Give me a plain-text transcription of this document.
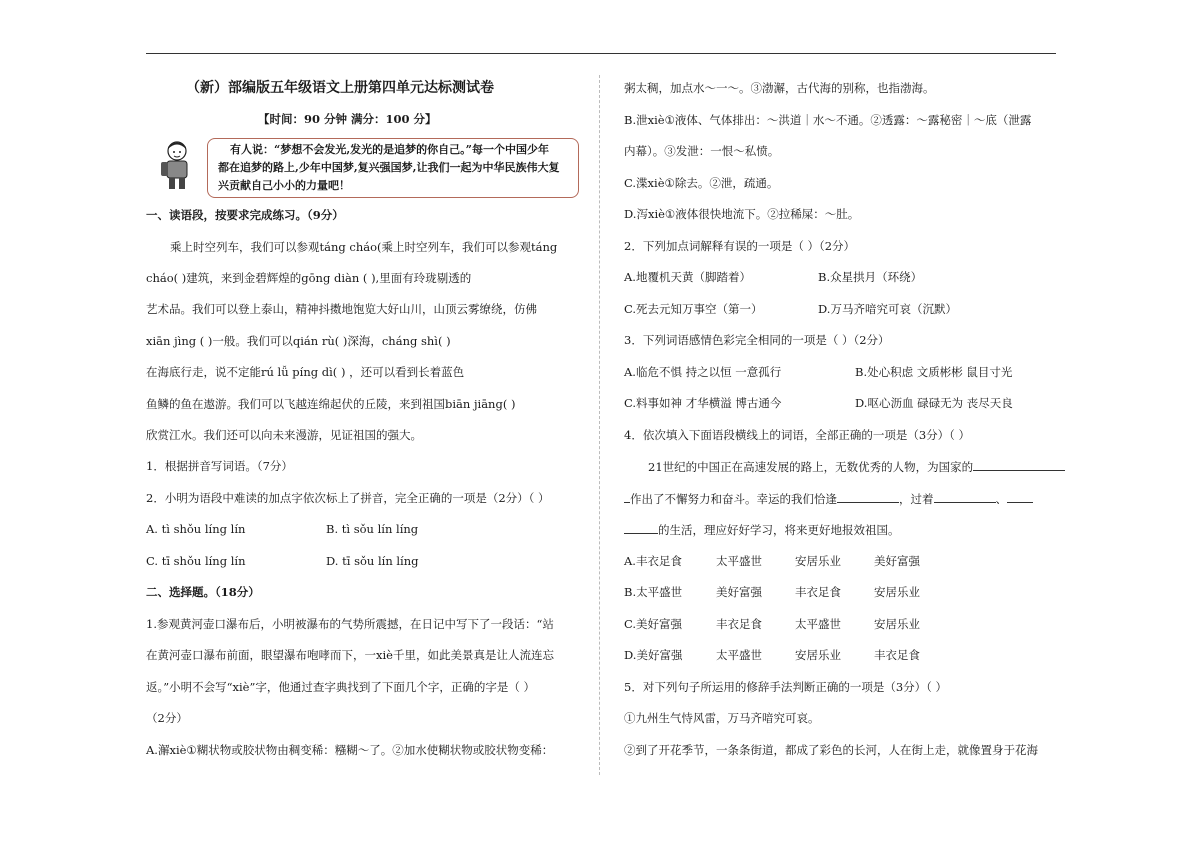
（新）部编版五年级语文上册第四单元达标测试卷
【时间：90 分钟 满分：100 分】
有人说：“梦想不会发光,发光的是追梦的你自己。”每一个中国少年
都在追梦的路上,少年中国梦,复兴强国梦,让我们一起为中华民族伟大复
兴贡献自己小小的力量吧！
一、读语段，按要求完成练习。（9分）
乘上时空列车，我们可以参观táng cháo(乘上时空列车，我们可以参观táng
cháo( )建筑，来到金碧辉煌的gōng diàn ( ),里面有玲珑剔透的
艺术品。我们可以登上泰山，精神抖擞地饱览大好山川，山顶云雾缭绕，仿佛
xiān jìng ( )一般。我们可以qián rù( )深海，cháng shì( )
在海底行走，说不定能rú lǚ píng dì( ) ，还可以看到长着蓝色
鱼鳞的鱼在遨游。我们可以飞越连绵起伏的丘陵，来到祖国biān jiāng( )
欣赏江水。我们还可以向未来漫游，见证祖国的强大。
1．根据拼音写词语。（7分）
2．小明为语段中难读的加点字依次标上了拼音，完全正确的一项是（2分）（ ）
A. tì shǒu líng lín	B. tì sǒu lín líng
C. tī shǒu líng lín	D. tī sǒu lín líng
二、选择题。（18分）
1.参观黄河壶口瀑布后，小明被瀑布的气势所震撼，在日记中写下了一段话：“站
在黄河壶口瀑布前面，眼望瀑布咆哮而下，一xiè千里，如此美景真是让人流连忘
返。”小明不会写“xiè”字，他通过查字典找到了下面几个字，正确的字是（ ）
（2分）
A.澥xiè①糊状物或胶状物由稠变稀：糨糊～了。②加水使糊状物或胶状物变稀：
粥太稠，加点水～一～。③渤澥，古代海的别称，也指渤海。
B.泄xiè①液体、气体排出：～洪道｜水～不通。②透露：～露秘密｜～底（泄露
内幕）。③发泄：一恨～私愤。
C.渫xiè①除去。②泄，疏通。
D.泻xiè①液体很快地流下。②拉稀屎：～肚。
2．下列加点词解释有误的一项是（ ）（2分）
A.地覆机天黄（脚踏着）	B.众星拱月（环绕）
C.死去元知万事空（第一）	D.万马齐喑究可哀（沉默）
3．下列词语感情色彩完全相同的一项是（ ）（2分）
A.临危不惧 持之以恒 一意孤行	B.处心积虑 文质彬彬 鼠目寸光
C.料事如神 才华横溢 博古通今	D.呕心沥血 碌碌无为 丧尽天良
4．依次填入下面语段横线上的词语，全部正确的一项是（3分）（ ）
21世纪的中国正在高速发展的路上，无数优秀的人物，为国家的
作出了不懈努力和奋斗。幸运的我们恰逢	，过着	、
的生活，理应好好学习，将来更好地报效祖国。
A.丰衣足食	太平盛世	安居乐业	美好富强
B.太平盛世	美好富强	丰衣足食	安居乐业
C.美好富强	丰衣足食	太平盛世	安居乐业
D.美好富强	太平盛世	安居乐业	丰衣足食
5．对下列句子所运用的修辞手法判断正确的一项是（3分）（ ）
①九州生气恃风雷，万马齐喑究可哀。
②到了开花季节，一条条街道，都成了彩色的长河，人在街上走，就像置身于花海
